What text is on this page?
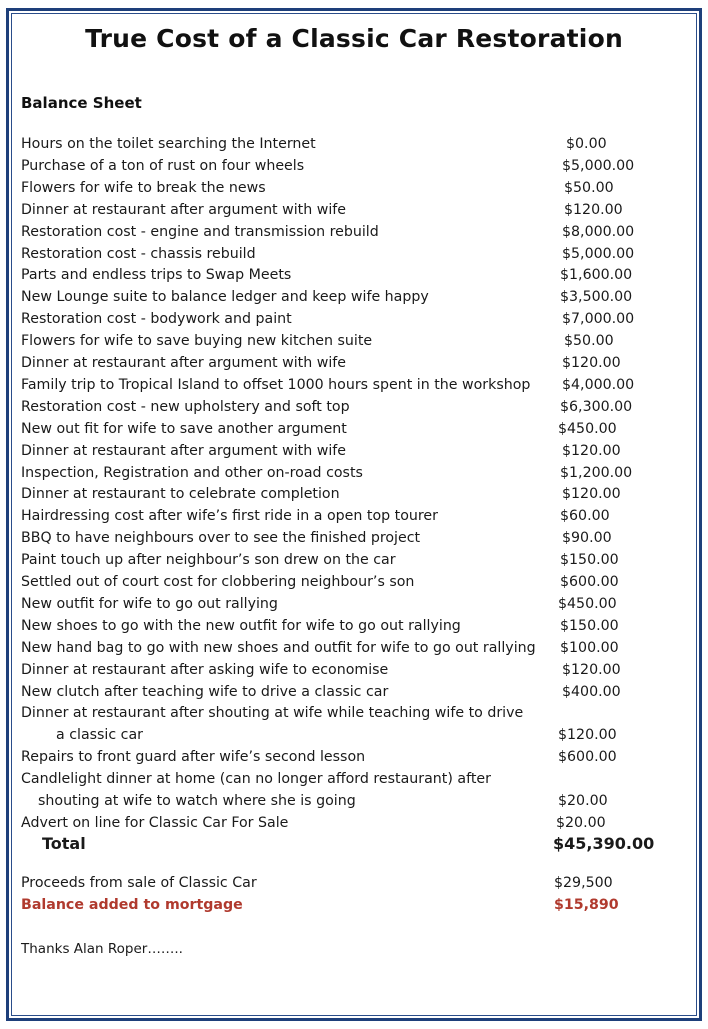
True Cost of a Classic Car Restoration
Balance Sheet
Hours on the toilet searching the Internet	$0.00
Purchase of a ton of rust on four wheels	$5,000.00
Flowers for wife to break the news	$50.00
Dinner at restaurant after argument with wife	$120.00
Restoration cost - engine and transmission rebuild	$8,000.00
Restoration cost - chassis rebuild	$5,000.00
Parts and endless trips to Swap Meets	$1,600.00
New Lounge suite to balance ledger and keep wife happy	$3,500.00
Restoration cost - bodywork and paint	$7,000.00
Flowers for wife to save buying new kitchen suite	$50.00
Dinner at restaurant after argument with wife	$120.00
Family trip to Tropical Island to offset 1000 hours spent in the workshop $4,000.00
Restoration cost - new upholstery and soft top	$6,300.00
New out fit for wife to save another argument	$450.00
Dinner at restaurant after argument with wife	$120.00
Inspection, Registration and other on-road costs	$1,200.00
Dinner at restaurant to celebrate completion	$120.00
Hairdressing cost after wife’s first ride in a open top tourer	$60.00
BBQ to have neighbours over to see the finished project	$90.00
Paint touch up after neighbour’s son drew on the car	$150.00
Settled out of court cost for clobbering neighbour’s son	$600.00
New outfit for wife to go out rallying	$450.00
New shoes to go with the new outfit for wife to go out rallying	$150.00
New hand bag to go with new shoes and outfit for wife to go out rallying $100.00
Dinner at restaurant after asking wife to economise	$120.00
New clutch after teaching wife to drive a classic car	$400.00
Dinner at restaurant after shouting at wife while teaching wife to drive
a classic car	$120.00
Repairs to front guard after wife’s second lesson	$600.00
Candlelight dinner at home (can no longer afford restaurant) after
shouting at wife to watch where she is going	$20.00
Advert on line for Classic Car For Sale	$20.00
Total	$45,390.00
Proceeds from sale of Classic Car	$29,500
Balance added to mortgage	$15,890
Thanks Alan Roper……..
